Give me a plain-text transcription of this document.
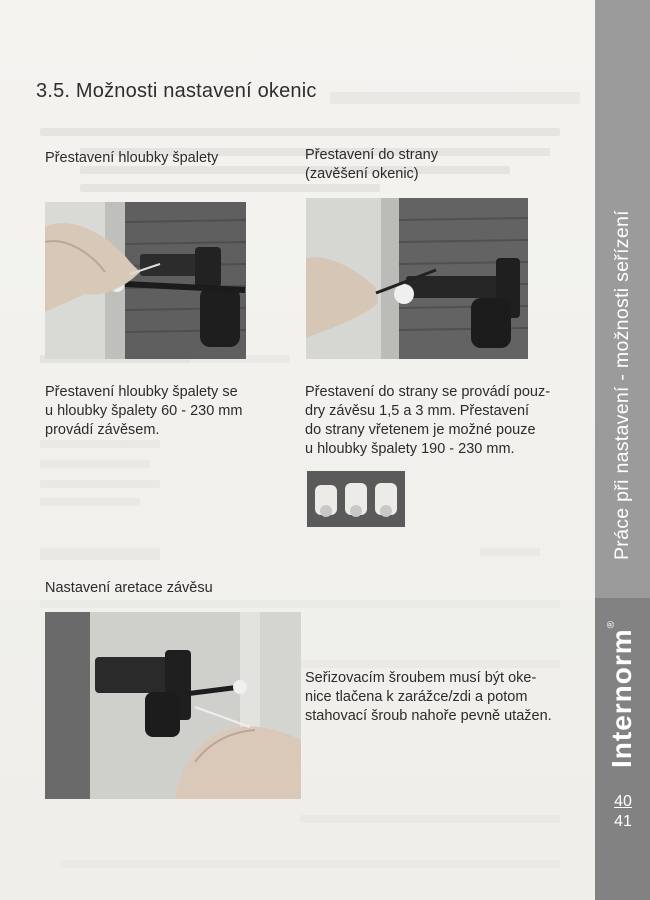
3.5. Možnosti nastavení okenic
Přestavení hloubky špalety
Přestavení hloubky špalety se
u hloubky špalety 60 - 230 mm
provádí závěsem.
Přestavení do strany
(zavěšení okenic)
Přestavení do strany se provádí pouz-
dry závěsu 1,5 a 3 mm. Přestavení
do strany vřetenem je možné pouze
u hloubky špalety 190 - 230 mm.
Nastavení aretace závěsu
Seřizovacím šroubem musí být oke-
nice tlačena k zarážce/zdi a potom
stahovací šroub nahoře pevně utažen.
Práce při nastavení - možnosti seřízení
Internorm®
40
41
